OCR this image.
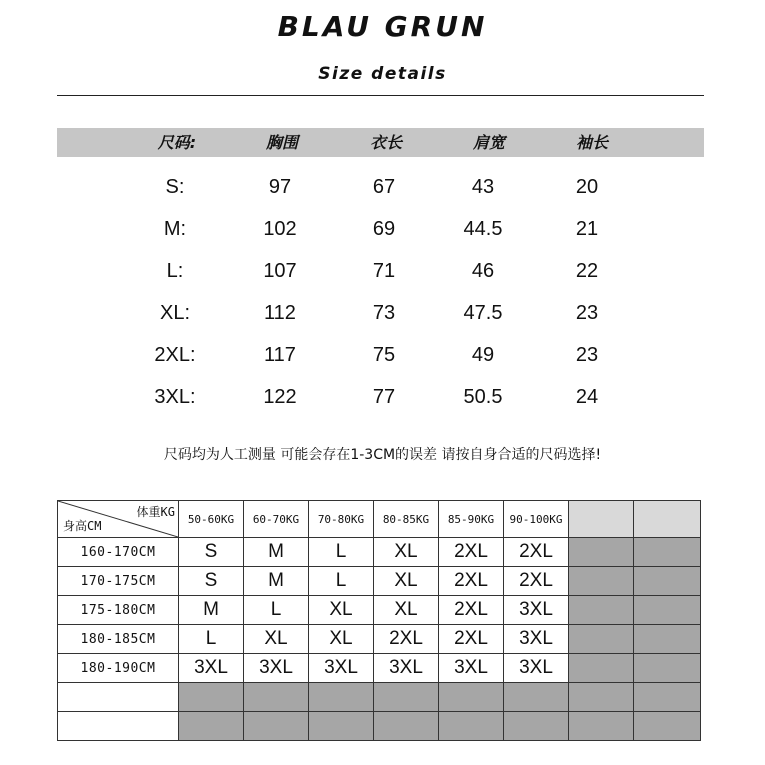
BLAU GRUN
Size details
尺码:	胸围	衣长	肩宽	袖长
S:	97	67	43	20
M:	102	69	44.5	21
L:	107	71	46	22
XL:	112	73	47.5	23
2XL:	117	75	49	23
3XL:	122	77	50.5	24
尺码均为人工测量 可能会存在1-3CM的误差 请按自身合适的尺码选择!
体重KG
身高CM	50-60KG	60-70KG	70-80KG	80-85KG	85-90KG	90-100KG		
160-170CM	S	M	L	XL	2XL	2XL		
170-175CM	S	M	L	XL	2XL	2XL		
175-180CM	M	L	XL	XL	2XL	3XL		
180-185CM	L	XL	XL	2XL	2XL	3XL		
180-190CM	3XL	3XL	3XL	3XL	3XL	3XL		
